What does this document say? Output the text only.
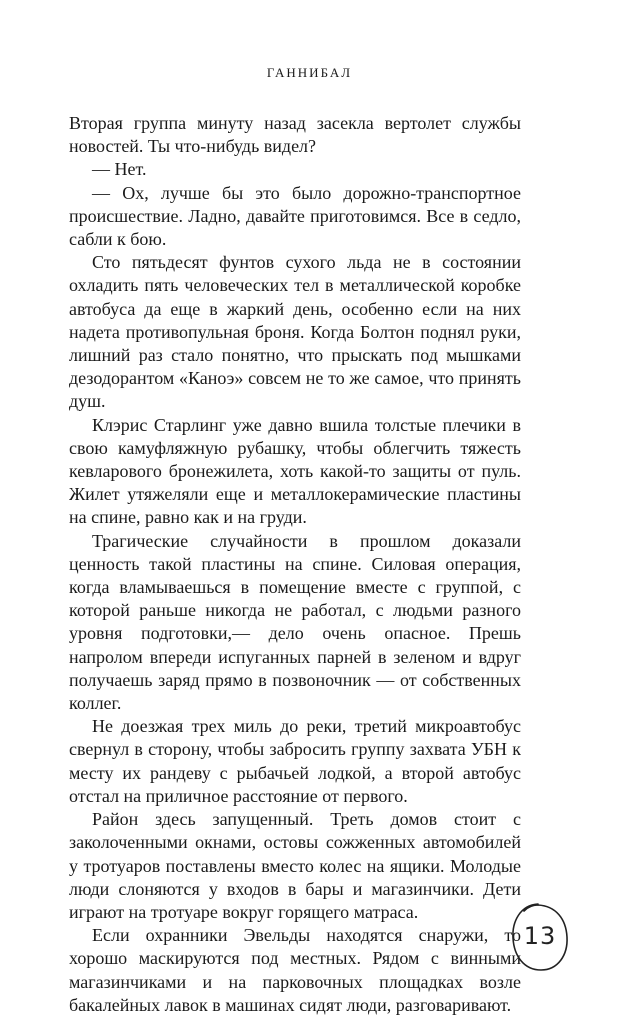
ГАННИБАЛ

Вторая группа минуту назад засекла вертолет службы новостей. Ты что-нибудь видел?

— Нет.

— Ох, лучше бы это было дорожно-транспортное происшествие. Ладно, давайте приготовимся. Все в седло, сабли к бою.

Сто пятьдесят фунтов сухого льда не в состоянии охладить пять человеческих тел в металлической коробке автобуса да еще в жаркий день, особенно если на них надета противопульная броня. Когда Болтон поднял руки, лишний раз стало понятно, что прыскать под мышками дезодорантом «Каноэ» совсем не то же самое, что принять душ.

Клэрис Старлинг уже давно вшила толстые плечики в свою камуфляжную рубашку, чтобы облегчить тяжесть кевларового бронежилета, хоть какой-то защиты от пуль. Жилет утяжеляли еще и металлокерамические пластины на спине, равно как и на груди.

Трагические случайности в прошлом доказали ценность такой пластины на спине. Силовая операция, когда вламываешься в помещение вместе с группой, с которой раньше никогда не работал, с людьми разного уровня подготовки,— дело очень опасное. Прешь напролом впереди испуганных парней в зеленом и вдруг получаешь заряд прямо в позвоночник — от собственных коллег.

Не доезжая трех миль до реки, третий микроавтобус свернул в сторону, чтобы забросить группу захвата УБН к месту их рандеву с рыбачьей лодкой, а второй автобус отстал на приличное расстояние от первого.

Район здесь запущенный. Треть домов стоит с заколоченными окнами, остовы сожженных автомобилей у тротуаров поставлены вместо колес на ящики. Молодые люди слоняются у входов в бары и магазинчики. Дети играют на тротуаре вокруг горящего матраса.

Если охранники Эвельды находятся снаружи, то хорошо маскируются под местных. Рядом с винными магазинчиками и на парковочных площадках возле бакалейных лавок в машинах сидят люди, разговаривают.

13
